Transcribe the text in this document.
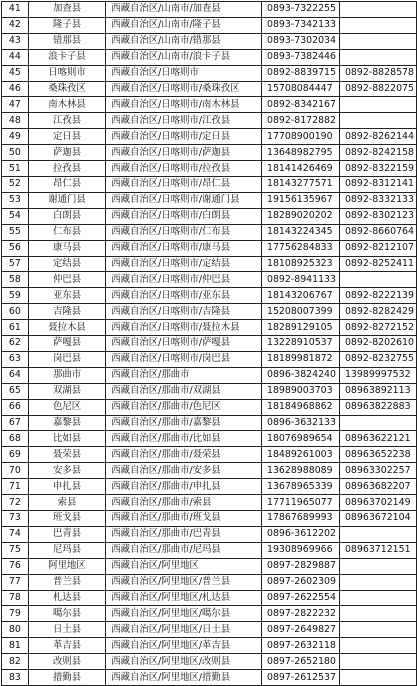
41	加查县	西藏自治区/山南市/加查县	0893-7322255	
42	隆子县	西藏自治区/山南市/隆子县	0893-7342133	
43	错那县	西藏自治区/山南市/错那县	0893-7302034	
44	浪卡子县	西藏自治区/山南市/浪卡子县	0893-7382446	
45	日喀则市	西藏自治区/日喀则市	0892-8839715	0892-8828578
46	桑珠孜区	西藏自治区/日喀则市/桑珠孜区	15708084447	0892-8822075
47	南木林县	西藏自治区/日喀则市/南木林县	0892-8342167	
48	江孜县	西藏自治区/日喀则市/江孜县	0892-8172882	
49	定日县	西藏自治区/日喀则市/定日县	17708900190	0892-8262144
50	萨迦县	西藏自治区/日喀则市/萨迦县	13648982795	0892-8242158
51	拉孜县	西藏自治区/日喀则市/拉孜县	18141426469	0892-8322159
52	昂仁县	西藏自治区/日喀则市/昂仁县	18143277571	0892-8312141
53	谢通门县	西藏自治区/日喀则市/谢通门县	19156135967	0892-8332133
54	白朗县	西藏自治区/日喀则市/白朗县	18289020202	0892-8302123
55	仁布县	西藏自治区/日喀则市/仁布县	18143224345	0892-8660764
56	康马县	西藏自治区/日喀则市/康马县	17756284833	0892-8212107
57	定结县	西藏自治区/日喀则市/定结县	18108925323	0892-8252411
58	仲巴县	西藏自治区/日喀则市/仲巴县	0892-8941133	
59	亚东县	西藏自治区/日喀则市/亚东县	18143206767	0892-8222139
60	吉隆县	西藏自治区/日喀则市/吉隆县	15208007399	0892-8282429
61	聂拉木县	西藏自治区/日喀则市/聂拉木县	18289129105	0892-8272152
62	萨嘎县	西藏自治区/日喀则市/萨嘎县	13228910537	0892-8202610
63	岗巴县	西藏自治区/日喀则市/岗巴县	18189981872	0892-8232755
64	那曲市	西藏自治区/那曲市	0896-3824240	13989997532
65	双湖县	西藏自治区/那曲市/双湖县	18989003703	08963892113
66	色尼区	西藏自治区/那曲市/色尼区	18184968862	08963822883
67	嘉黎县	西藏自治区/那曲市/嘉黎县	0896-3632133	
68	比如县	西藏自治区/那曲市/比如县	18076989654	08963622121
69	聂荣县	西藏自治区/那曲市/聂荣县	18489261003	08963652238
70	安多县	西藏自治区/那曲市/安多县	13628988089	08963302257
71	申扎县	西藏自治区/那曲市/申扎县	13678965339	08963682207
72	索县	西藏自治区/那曲市/索县	17711965077	08963702149
73	班戈县	西藏自治区/那曲市/班戈县	17867689993	08963672104
74	巴青县	西藏自治区/那曲市/巴青县	0896-3612202	
75	尼玛县	西藏自治区/那曲市/尼玛县	19308969966	08963712151
76	阿里地区	西藏自治区/阿里地区	0897-2829887	
77	普兰县	西藏自治区/阿里地区/普兰县	0897-2602309	
78	札达县	西藏自治区/阿里地区/札达县	0897-2622554	
79	噶尔县	西藏自治区/阿里地区/噶尔县	0897-2822232	
80	日土县	西藏自治区/阿里地区/日土县	0897-2649827	
81	革吉县	西藏自治区/阿里地区/革吉县	0897-2632118	
82	改则县	西藏自治区/阿里地区/改则县	0897-2652180	
83	措勤县	西藏自治区/阿里地区/措勤县	0897-2612537	
